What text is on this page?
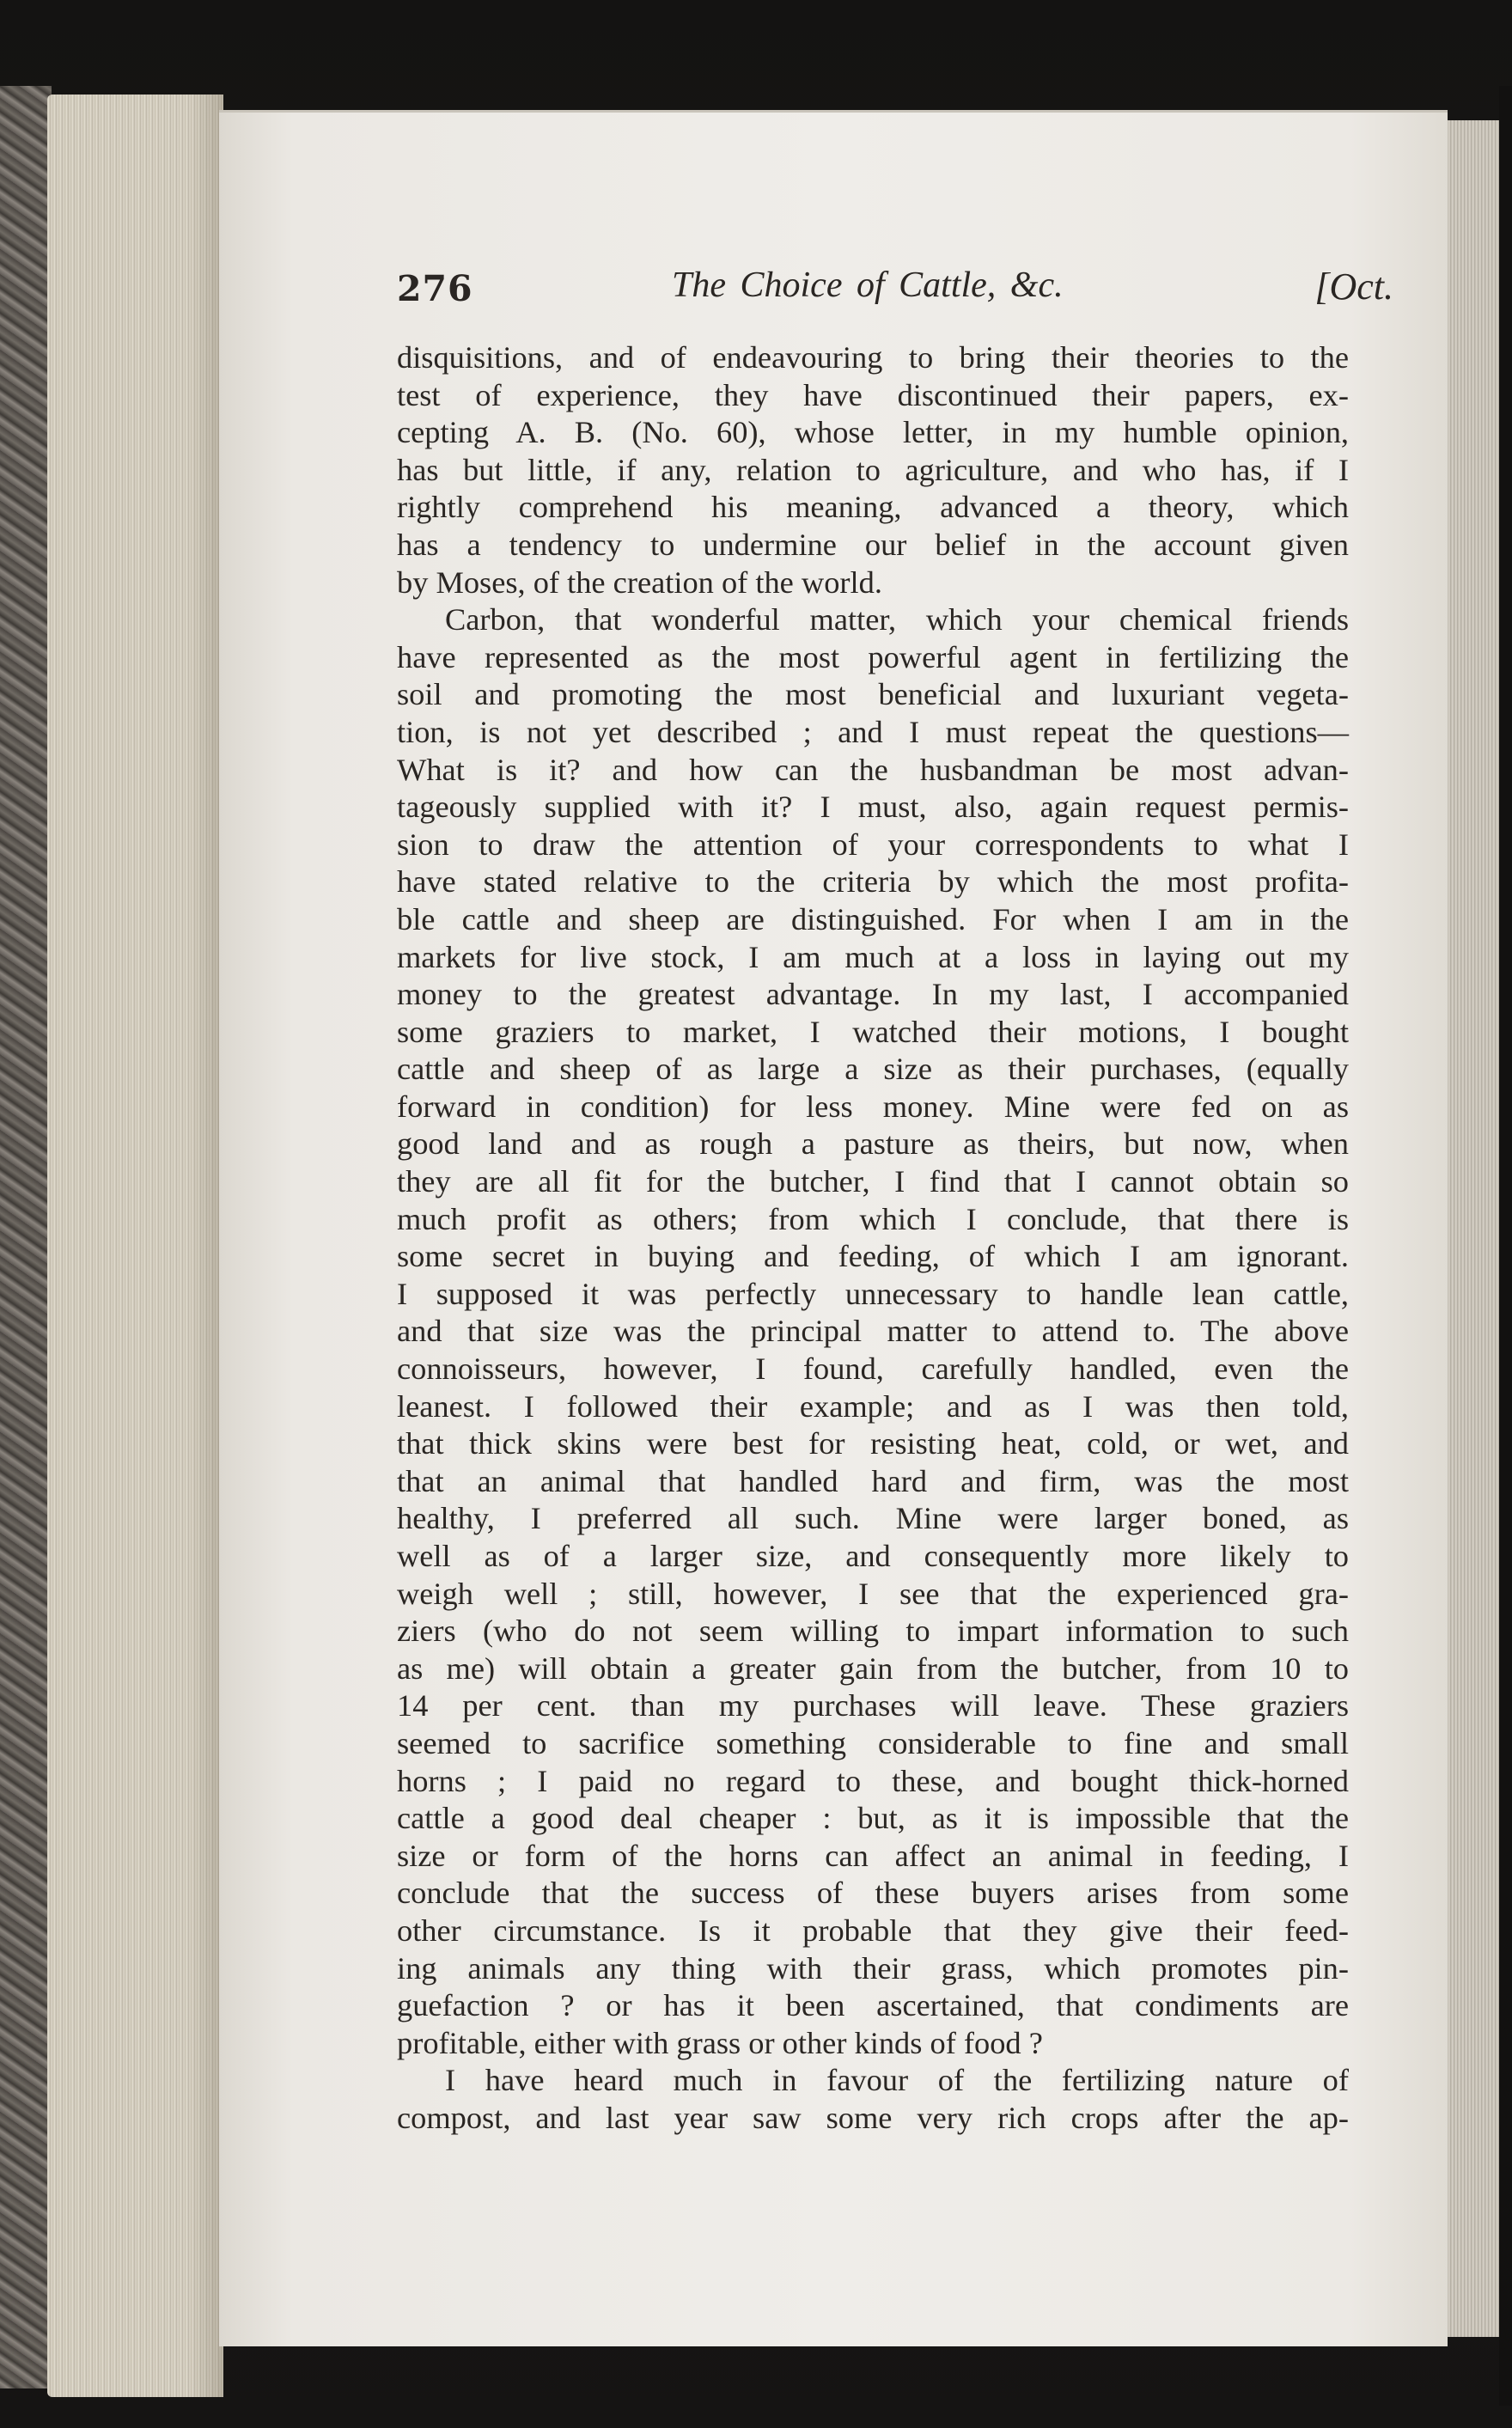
276	The Choice of Cattle, &c.	[Oct.
disquisitions, and of endeavouring to bring their theories to the
test of experience, they have discontinued their papers, ex-
cepting A. B. (No. 60), whose letter, in my humble opinion,
has but little, if any, relation to agriculture, and who has, if I
rightly comprehend his meaning, advanced a theory, which
has a tendency to undermine our belief in the account given
by Moses, of the creation of the world.
Carbon, that wonderful matter, which your chemical friends
have represented as the most powerful agent in fertilizing the
soil and promoting the most beneficial and luxuriant vegeta-
tion, is not yet described ; and I must repeat the questions—
What is it? and how can the husbandman be most advan-
tageously supplied with it? I must, also, again request permis-
sion to draw the attention of your correspondents to what I
have stated relative to the criteria by which the most profita-
ble cattle and sheep are distinguished. For when I am in the
markets for live stock, I am much at a loss in laying out my
money to the greatest advantage. In my last, I accompanied
some graziers to market, I watched their motions, I bought
cattle and sheep of as large a size as their purchases, (equally
forward in condition) for less money. Mine were fed on as
good land and as rough a pasture as theirs, but now, when
they are all fit for the butcher, I find that I cannot obtain so
much profit as others; from which I conclude, that there is
some secret in buying and feeding, of which I am ignorant.
I supposed it was perfectly unnecessary to handle lean cattle,
and that size was the principal matter to attend to. The above
connoisseurs, however, I found, carefully handled, even the
leanest. I followed their example; and as I was then told,
that thick skins were best for resisting heat, cold, or wet, and
that an animal that handled hard and firm, was the most
healthy, I preferred all such. Mine were larger boned, as
well as of a larger size, and consequently more likely to
weigh well ; still, however, I see that the experienced gra-
ziers (who do not seem willing to impart information to such
as me) will obtain a greater gain from the butcher, from 10 to
14 per cent. than my purchases will leave. These graziers
seemed to sacrifice something considerable to fine and small
horns ; I paid no regard to these, and bought thick-horned
cattle a good deal cheaper : but, as it is impossible that the
size or form of the horns can affect an animal in feeding, I
conclude that the success of these buyers arises from some
other circumstance. Is it probable that they give their feed-
ing animals any thing with their grass, which promotes pin-
guefaction ? or has it been ascertained, that condiments are
profitable, either with grass or other kinds of food ?
I have heard much in favour of the fertilizing nature of
compost, and last year saw some very rich crops after the ap-
